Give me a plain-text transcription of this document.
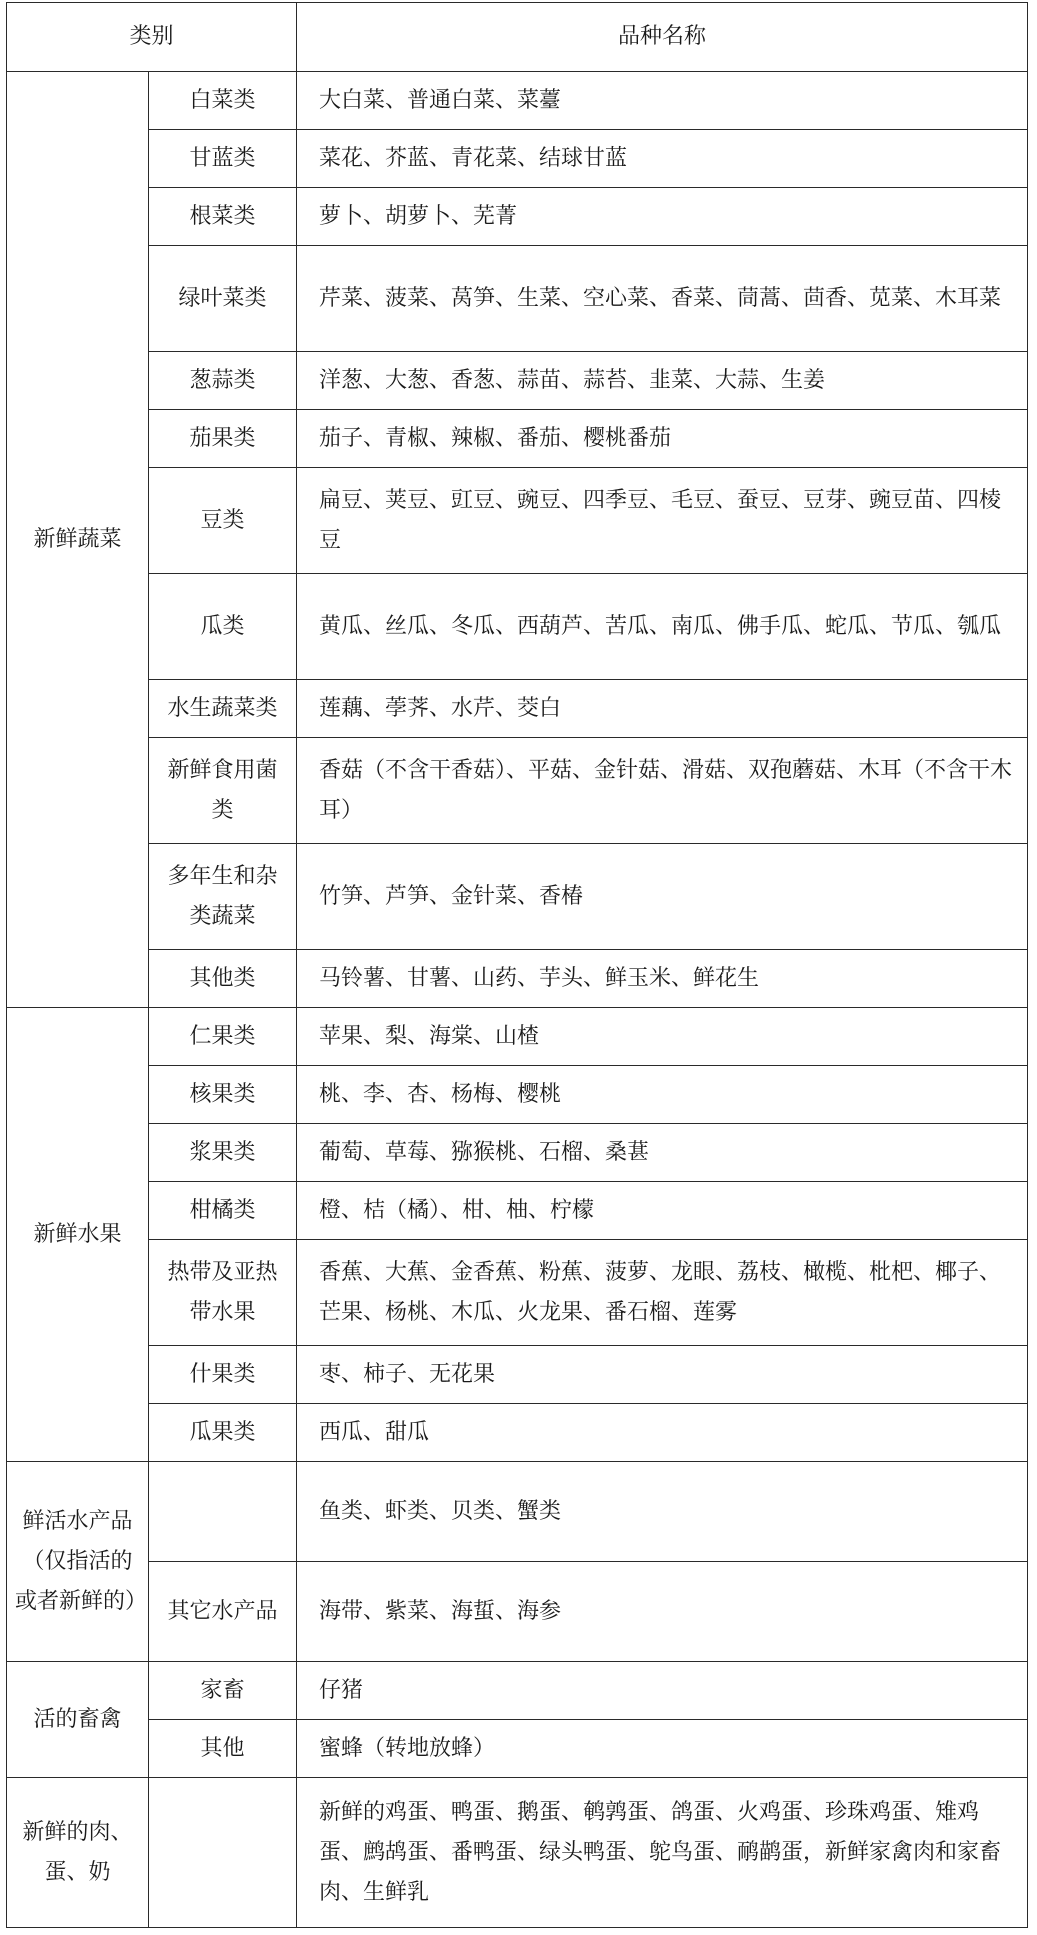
类别		品种名称
新鲜蔬菜	白菜类	大白菜、普通白菜、菜薹
	甘蓝类	菜花、芥蓝、青花菜、结球甘蓝
	根菜类	萝卜、胡萝卜、芜菁
	绿叶菜类	芹菜、菠菜、莴笋、生菜、空心菜、香菜、茼蒿、茴香、苋菜、木耳菜
	葱蒜类	洋葱、大葱、香葱、蒜苗、蒜苔、韭菜、大蒜、生姜
	茄果类	茄子、青椒、辣椒、番茄、樱桃番茄
	豆类	扁豆、荚豆、豇豆、豌豆、四季豆、毛豆、蚕豆、豆芽、豌豆苗、四棱豆
	瓜类	黄瓜、丝瓜、冬瓜、西葫芦、苦瓜、南瓜、佛手瓜、蛇瓜、节瓜、瓠瓜
	水生蔬菜类	莲藕、荸荠、水芹、茭白
	新鲜食用菌类	香菇（不含干香菇）、平菇、金针菇、滑菇、双孢蘑菇、木耳（不含干木耳）
	多年生和杂类蔬菜	竹笋、芦笋、金针菜、香椿
	其他类	马铃薯、甘薯、山药、芋头、鲜玉米、鲜花生
新鲜水果	仁果类	苹果、梨、海棠、山楂
	核果类	桃、李、杏、杨梅、樱桃
	浆果类	葡萄、草莓、猕猴桃、石榴、桑葚
	柑橘类	橙、桔（橘）、柑、柚、柠檬
	热带及亚热带水果	香蕉、大蕉、金香蕉、粉蕉、菠萝、龙眼、荔枝、橄榄、枇杷、椰子、芒果、杨桃、木瓜、火龙果、番石榴、莲雾
	什果类	枣、柿子、无花果
	瓜果类	西瓜、甜瓜
鲜活水产品（仅指活的或者新鲜的）		鱼类、虾类、贝类、蟹类
	其它水产品	海带、紫菜、海蜇、海参
活的畜禽	家畜	仔猪
	其他	蜜蜂（转地放蜂）
新鲜的肉、蛋、奶		新鲜的鸡蛋、鸭蛋、鹅蛋、鹌鹑蛋、鸽蛋、火鸡蛋、珍珠鸡蛋、雉鸡蛋、鹧鸪蛋、番鸭蛋、绿头鸭蛋、鸵鸟蛋、鸸鹋蛋，新鲜家禽肉和家畜肉、生鲜乳
